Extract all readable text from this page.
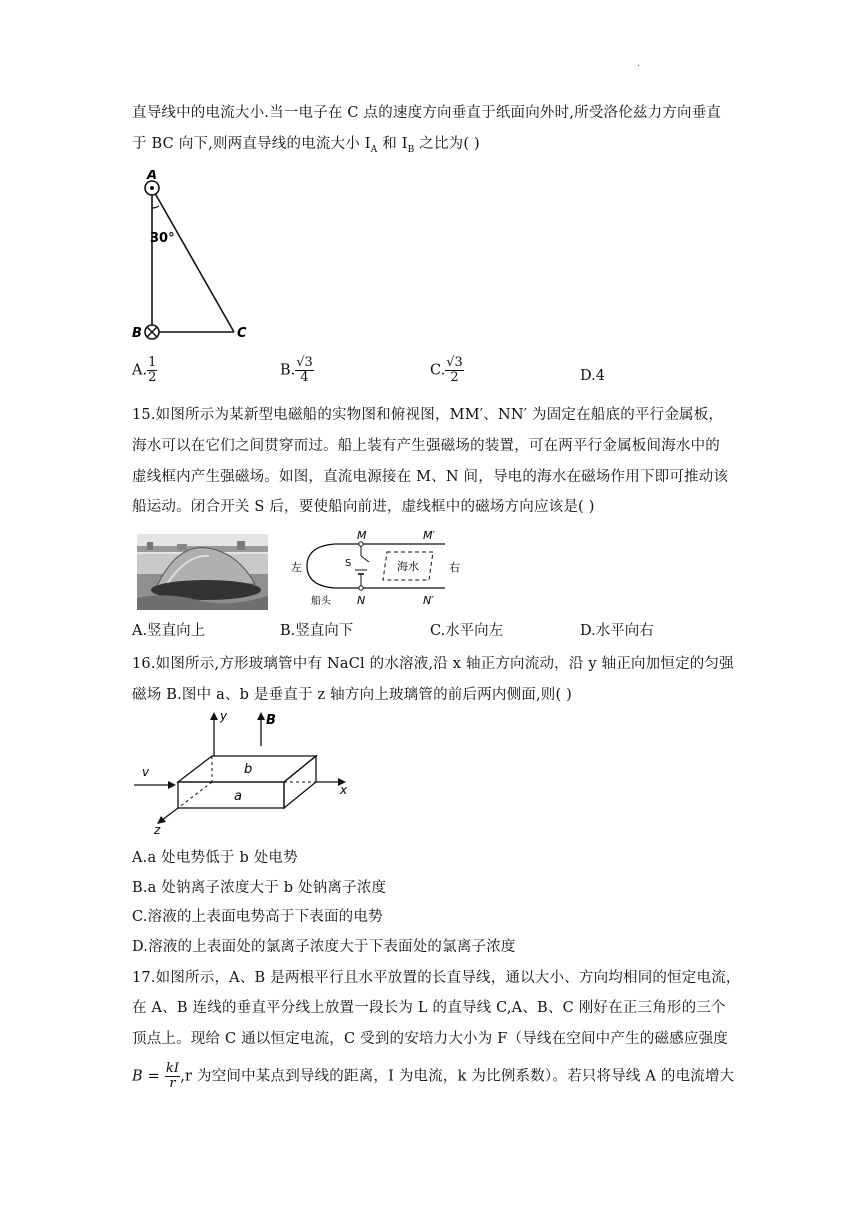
.
直导线中的电流大小.当一电子在 C 点的速度方向垂直于纸面向外时,所受洛伦兹力方向垂直
于 BC 向下,则两直导线的电流大小 $I_A$ 和 $I_B$ 之比为( )
A
B	C
30°
A. $\frac{1}{2}$	B. $\frac{√3}{4}$	C. $\frac{√3}{2}$	D.4
15.如图所示为某新型电磁船的实物图和俯视图，MM′、NN′ 为固定在船底的平行金属板，
海水可以在它们之间贯穿而过。船上装有产生强磁场的装置，可在两平行金属板间海水中的
虚线框内产生强磁场。如图，直流电源接在 M、N 间，导电的海水在磁场作用下即可推动该
船运动。闭合开关 S 后，要使船向前进，虚线框中的磁场方向应该是( )
M	M′
N	N′
S
左	右
海水
船头
A.竖直向上	B.竖直向下	C.水平向左	D.水平向右
16.如图所示,方形玻璃管中有 NaCl 的水溶液,沿 x 轴正方向流动，沿 y 轴正向加恒定的匀强
磁场 B.图中 a、b 是垂直于 z 轴方向上玻璃管的前后两内侧面,则( )
y	B
v	b
a	x
z
A.a 处电势低于 b 处电势
B.a 处钠离子浓度大于 b 处钠离子浓度
C.溶液的上表面电势高于下表面的电势
D.溶液的上表面处的氯离子浓度大于下表面处的氯离子浓度
17.如图所示，A、B 是两根平行且水平放置的长直导线，通以大小、方向均相同的恒定电流，
在 A、B 连线的垂直平分线上放置一段长为 L 的直导线 C,A、B、C 刚好在正三角形的三个
顶点上。现给 C 通以恒定电流，C 受到的安培力大小为 F（导线在空间中产生的磁感应强度
$B = \frac{kI}{r} ,r$ 为空间中某点到导线的距离，I 为电流，k 为比例系数）。若只将导线 A 的电流增大
